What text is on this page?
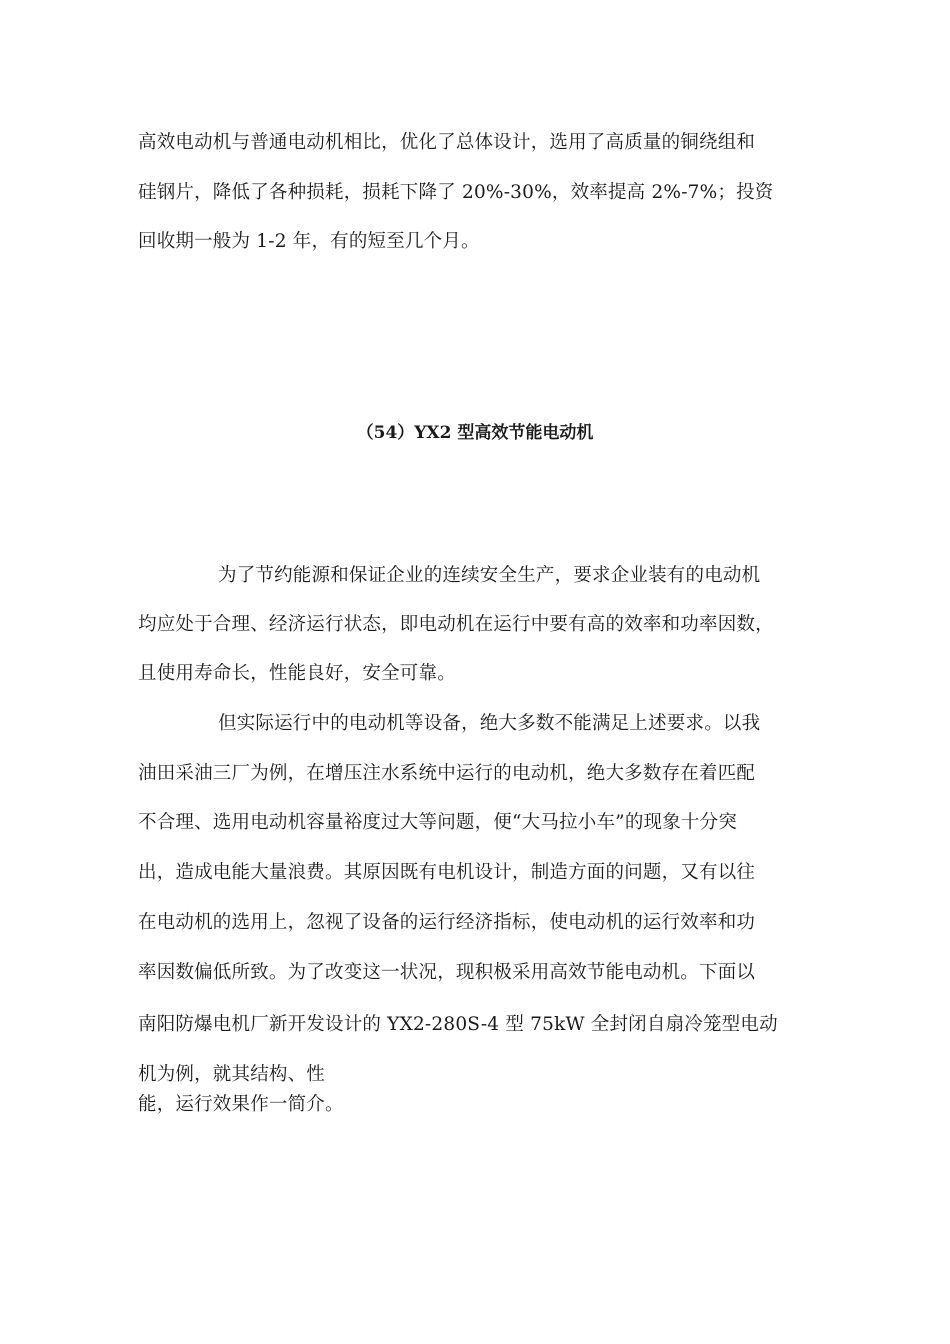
高效电动机与普通电动机相比，优化了总体设计，选用了高质量的铜绕组和
硅钢片，降低了各种损耗，损耗下降了 20%-30%，效率提高 2%-7%；投资
回收期一般为 1-2 年，有的短至几个月。
（54）YX2 型高效节能电动机
为了节约能源和保证企业的连续安全生产，要求企业装有的电动机
均应处于合理、经济运行状态，即电动机在运行中要有高的效率和功率因数，
且使用寿命长，性能良好，安全可靠。
但实际运行中的电动机等设备，绝大多数不能满足上述要求。以我
油田采油三厂为例，在增压注水系统中运行的电动机，绝大多数存在着匹配
不合理、选用电动机容量裕度过大等问题，便“大马拉小车”的现象十分突
出，造成电能大量浪费。其原因既有电机设计，制造方面的问题，又有以往
在电动机的选用上，忽视了设备的运行经济指标，使电动机的运行效率和功
率因数偏低所致。为了改变这一状况，现积极采用高效节能电动机。下面以
南阳防爆电机厂新开发设计的 YX2-280S-4 型 75kW 全封闭自扇冷笼型电动
机为例，就其结构、性
能，运行效果作一简介。
